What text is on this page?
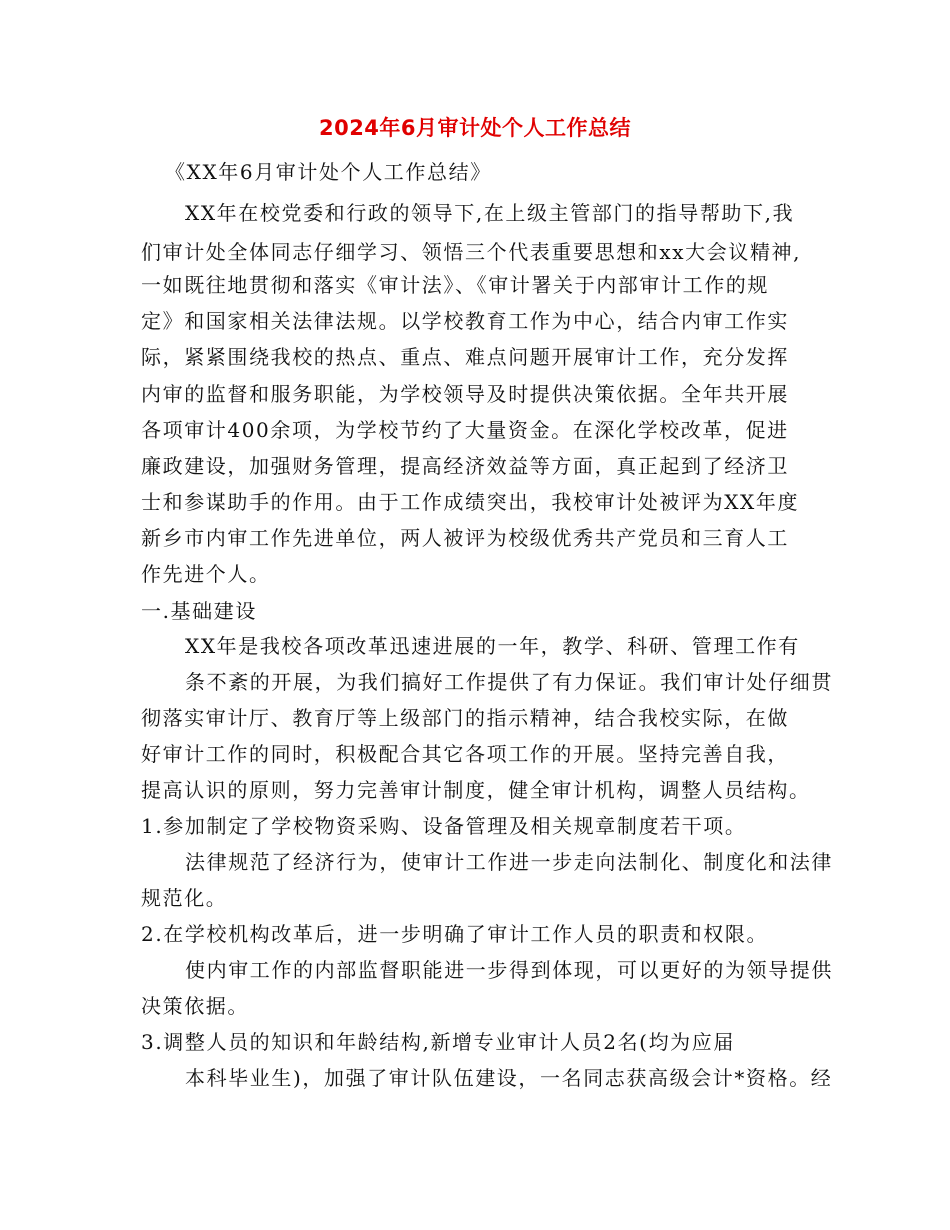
2024年6月审计处个人工作总结
《XX年6月审计处个人工作总结》
XX年在校党委和行政的领导下,在上级主管部门的指导帮助下,我
们审计处全体同志仔细学习、领悟三个代表重要思想和xx大会议精神,
一如既往地贯彻和落实《审计法》、《审计署关于内部审计工作的规
定》和国家相关法律法规。以学校教育工作为中心，结合内审工作实
际，紧紧围绕我校的热点、重点、难点问题开展审计工作，充分发挥
内审的监督和服务职能，为学校领导及时提供决策依据。全年共开展
各项审计400余项，为学校节约了大量资金。在深化学校改革，促进
廉政建设，加强财务管理，提高经济效益等方面，真正起到了经济卫
士和参谋助手的作用。由于工作成绩突出，我校审计处被评为XX年度
新乡市内审工作先进单位，两人被评为校级优秀共产党员和三育人工
作先进个人。
一.基础建设
XX年是我校各项改革迅速进展的一年，教学、科研、管理工作有
条不紊的开展，为我们搞好工作提供了有力保证。我们审计处仔细贯
彻落实审计厅、教育厅等上级部门的指示精神，结合我校实际，在做
好审计工作的同时，积极配合其它各项工作的开展。坚持完善自我，
提高认识的原则，努力完善审计制度，健全审计机构，调整人员结构。
1.参加制定了学校物资采购、设备管理及相关规章制度若干项。
法律规范了经济行为，使审计工作进一步走向法制化、制度化和法律
规范化。
2.在学校机构改革后，进一步明确了审计工作人员的职责和权限。
使内审工作的内部监督职能进一步得到体现，可以更好的为领导提供
决策依据。
3.调整人员的知识和年龄结构,新增专业审计人员2名(均为应届
本科毕业生)，加强了审计队伍建设，一名同志获高级会计*资格。经
